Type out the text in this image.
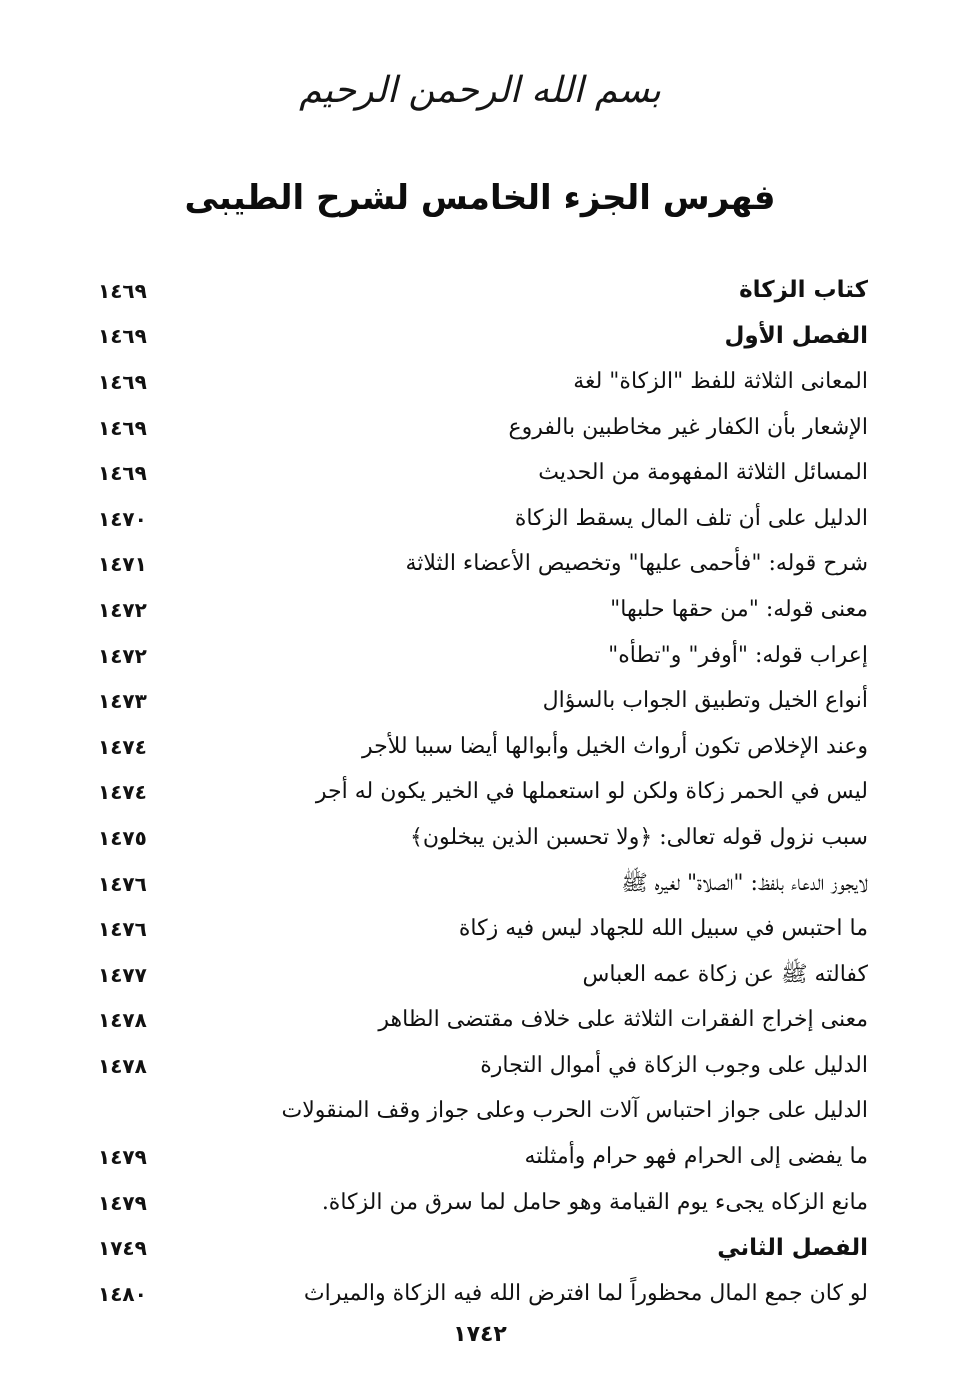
بسم الله الرحمن الرحيم
فهرس الجزء الخامس لشرح الطيبى
كتاب الزكاة
١٤٦٩
الفصل الأول
١٤٦٩
المعانى الثلاثة للفظ "الزكاة" لغة
١٤٦٩
الإشعار بأن الكفار غير مخاطبين بالفروع
١٤٦٩
المسائل الثلاثة المفهومة من الحديث
١٤٦٩
الدليل على أن تلف المال يسقط الزكاة
١٤٧٠
شرح قوله: "فأحمى عليها" وتخصيص الأعضاء الثلاثة
١٤٧١
معنى قوله: "من حقها حلبها"
١٤٧٢
إعراب قوله: "أوفر" و"تطأه"
١٤٧٢
أنواع الخيل وتطبيق الجواب بالسؤال
١٤٧٣
وعند الإخلاص تكون أرواث الخيل وأبوالها أيضا سببا للأجر
١٤٧٤
ليس في الحمر زكاة ولكن لو استعملها في الخير يكون له أجر
١٤٧٤
سبب نزول قوله تعالى: ﴿ولا تحسبن الذين يبخلون﴾
١٤٧٥
لايجوز الدعاء بلفظ: "الصلاة" لغيره ﷺ
١٤٧٦
ما احتبس في سبيل الله للجهاد ليس فيه زكاة
١٤٧٦
كفالته ﷺ عن زكاة عمه العباس
١٤٧٧
معنى إخراج الفقرات الثلاثة على خلاف مقتضى الظاهر
١٤٧٨
الدليل على وجوب الزكاة في أموال التجارة
١٤٧٨
الدليل على جواز احتباس آلات الحرب وعلى جواز وقف المنقولات
ما يفضى إلى الحرام فهو حرام وأمثلته
١٤٧٩
مانع الزكاه يجىء يوم القيامة وهو حامل لما سرق من الزكاة.
١٤٧٩
الفصل الثاني
١٧٤٩
لو كان جمع المال محظوراً لما افترض الله فيه الزكاة والميراث
١٤٨٠
١٧٤٢
